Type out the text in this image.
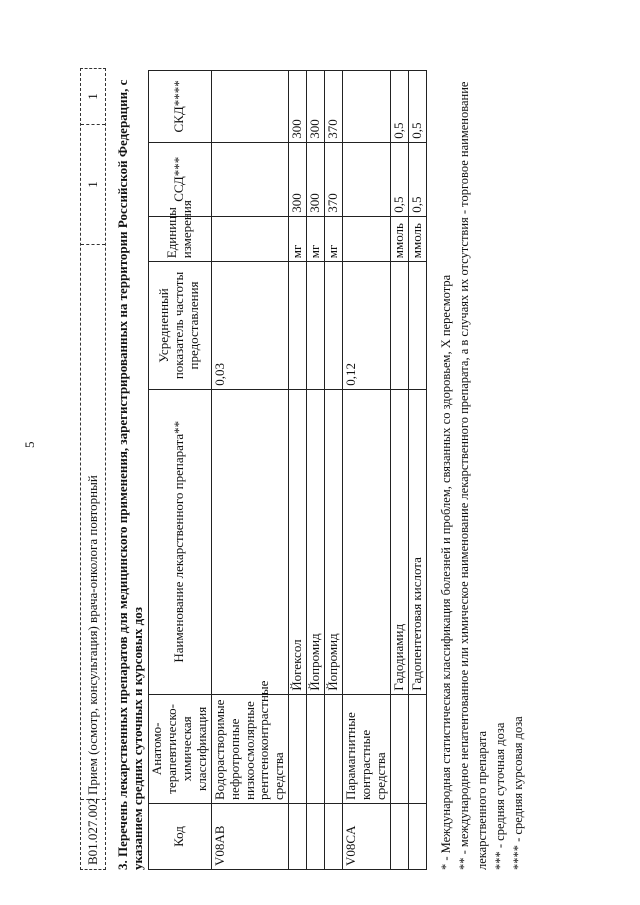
5
B01.027.002
Прием (осмотр, консультация) врача-онколога повторный
1
1	3. Перечень лекарственных препаратов для медицинского применения, зарегистрированных на территории Российской Федерации, с указанием средних суточных и курсовых доз Код	Анатомо-терапевтическо-химическая классификация	Наименование лекарственного препарата**	Усредненный показатель частоты предоставления	Единицы измерения	ССД***	СКД****
V08AB	Водорастворимые нефротропные низкоосмолярные рентгеноконтрастные средства		0,03			
		Йогексол		мг	300	300
		Йопромид		мг	300	300
		Йопромид		мг	370	370
V08CA	Парамагнитные контрастные средства		0,12			
		Гадодиамид		ммоль	0,5	0,5
		Гадопентетовая кислота		ммоль	0,5	0,5

* - Международная статистическая классификация болезней и проблем, связанных со здоровьем, X пересмотра ** - международное непатентованное или химическое наименование лекарственного препарата, а в случаях их отсутствия - торговое наименование лекарственного препарата *** - средняя суточная доза **** - средняя курсовая доза
